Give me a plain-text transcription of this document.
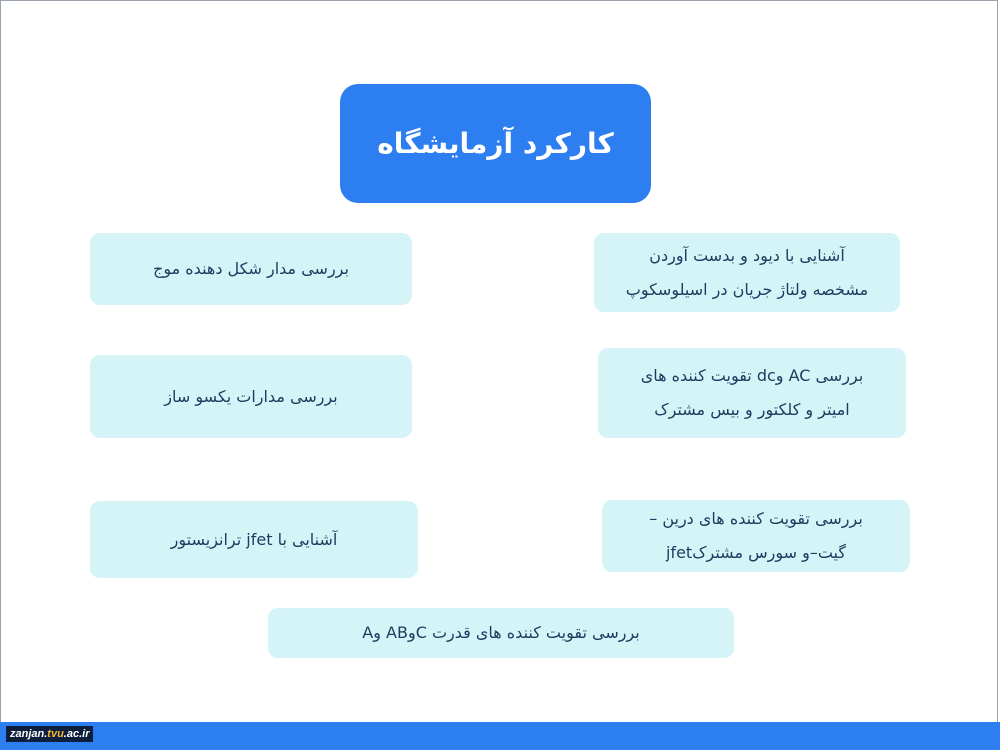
کارکرد آزمایشگاه
آشنایی با دیود و بدست آوردن
مشخصه ولتاژ جریان در اسیلوسکوپ
بررسی مدار شکل دهنده موج
بررسی AC وdc تقویت کننده های
امیتر و کلکتور و بیس مشترک
بررسی مدارات یکسو ساز
بررسی تقویت کننده های درین –
گیت–و سورس مشترکjfet
آشنایی با jfet ترانزیستور
بررسی تقویت کننده های قدرت CوAB وA
zanjan.tvu.ac.ir
